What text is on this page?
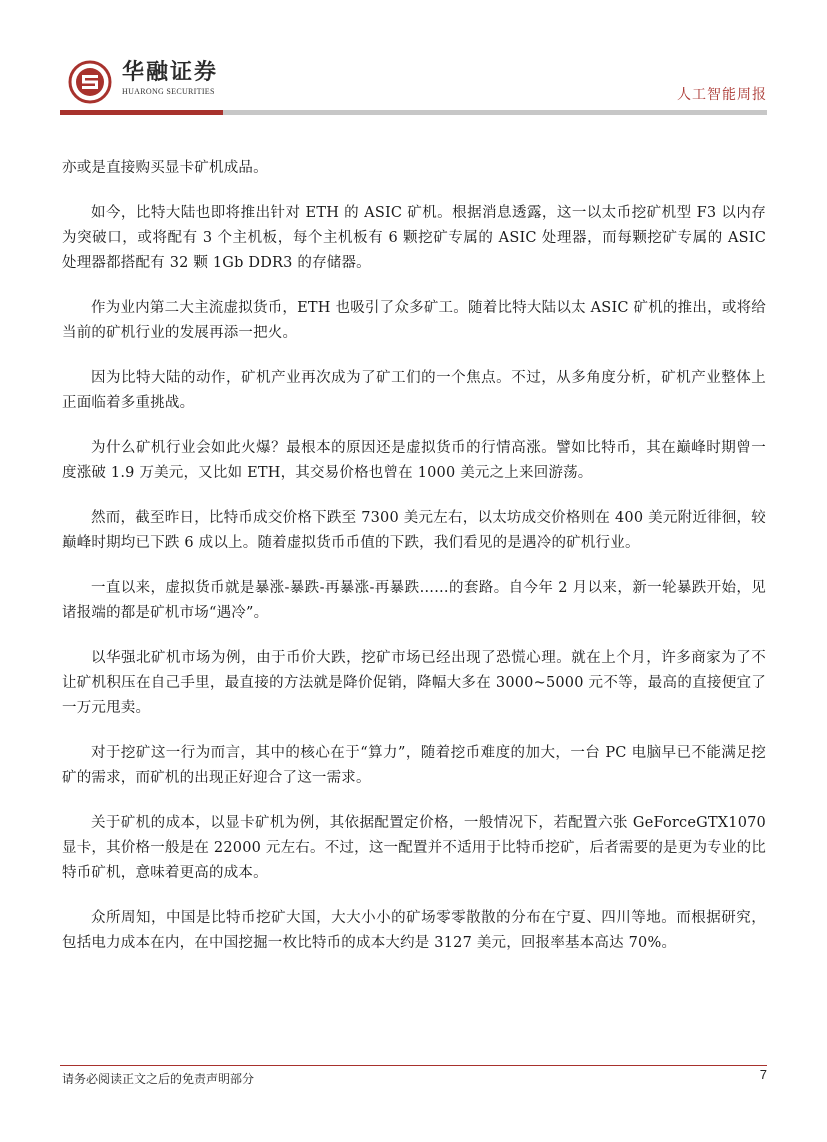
华融证券
HUARONG SECURITIES	人工智能周报

亦或是直接购买显卡矿机成品。

如今，比特大陆也即将推出针对 ETH 的 ASIC 矿机。根据消息透露，这一以太币挖矿机型 F3 以内存为突破口，或将配有 3 个主机板，每个主机板有 6 颗挖矿专属的 ASIC 处理器，而每颗挖矿专属的 ASIC 处理器都搭配有 32 颗 1Gb DDR3 的存储器。

作为业内第二大主流虚拟货币，ETH 也吸引了众多矿工。随着比特大陆以太 ASIC 矿机的推出，或将给当前的矿机行业的发展再添一把火。

因为比特大陆的动作，矿机产业再次成为了矿工们的一个焦点。不过，从多角度分析，矿机产业整体上正面临着多重挑战。

为什么矿机行业会如此火爆？最根本的原因还是虚拟货币的行情高涨。譬如比特币，其在巅峰时期曾一度涨破 1.9 万美元，又比如 ETH，其交易价格也曾在 1000 美元之上来回游荡。

然而，截至昨日，比特币成交价格下跌至 7300 美元左右，以太坊成交价格则在 400 美元附近徘徊，较巅峰时期均已下跌 6 成以上。随着虚拟货币币值的下跌，我们看见的是遇冷的矿机行业。

一直以来，虚拟货币就是暴涨-暴跌-再暴涨-再暴跌……的套路。自今年 2 月以来，新一轮暴跌开始，见诸报端的都是矿机市场“遇冷”。

以华强北矿机市场为例，由于币价大跌，挖矿市场已经出现了恐慌心理。就在上个月，许多商家为了不让矿机积压在自己手里，最直接的方法就是降价促销，降幅大多在 3000~5000 元不等，最高的直接便宜了一万元甩卖。

对于挖矿这一行为而言，其中的核心在于“算力”，随着挖币难度的加大，一台 PC 电脑早已不能满足挖矿的需求，而矿机的出现正好迎合了这一需求。

关于矿机的成本，以显卡矿机为例，其依据配置定价格，一般情况下，若配置六张 GeForceGTX1070 显卡，其价格一般是在 22000 元左右。不过，这一配置并不适用于比特币挖矿，后者需要的是更为专业的比特币矿机，意味着更高的成本。

众所周知，中国是比特币挖矿大国，大大小小的矿场零零散散的分布在宁夏、四川等地。而根据研究，包括电力成本在内，在中国挖掘一枚比特币的成本大约是 3127 美元，回报率基本高达 70%。

请务必阅读正文之后的免责声明部分	7
